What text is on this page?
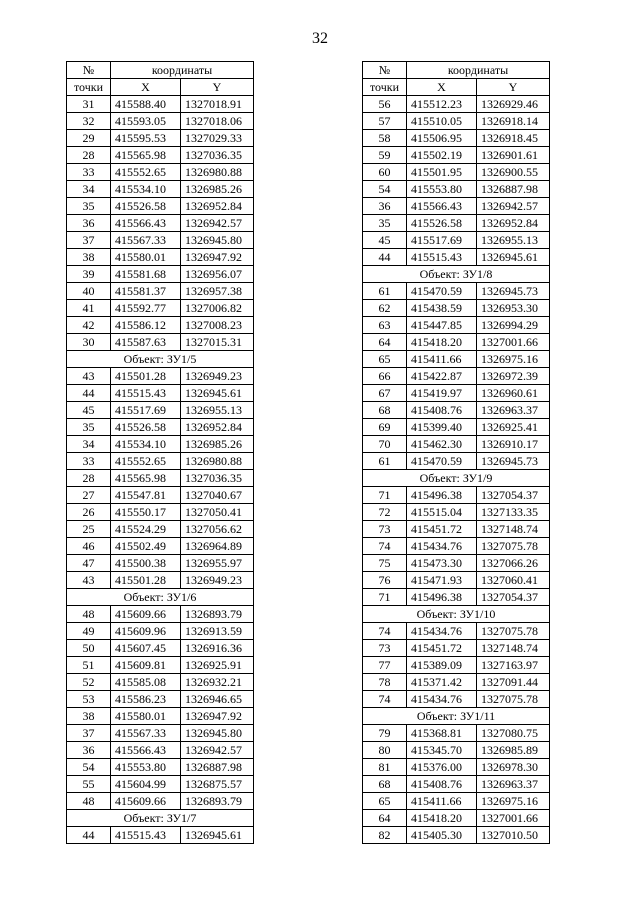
32
№	координаты	
точки	X	Y
31	415588.40	1327018.91
32	415593.05	1327018.06
29	415595.53	1327029.33
28	415565.98	1327036.35
33	415552.65	1326980.88
34	415534.10	1326985.26
35	415526.58	1326952.84
36	415566.43	1326942.57
37	415567.33	1326945.80
38	415580.01	1326947.92
39	415581.68	1326956.07
40	415581.37	1326957.38
41	415592.77	1327006.82
42	415586.12	1327008.23
30	415587.63	1327015.31
Объект: ЗУ1/5		
43	415501.28	1326949.23
44	415515.43	1326945.61
45	415517.69	1326955.13
35	415526.58	1326952.84
34	415534.10	1326985.26
33	415552.65	1326980.88
28	415565.98	1327036.35
27	415547.81	1327040.67
26	415550.17	1327050.41
25	415524.29	1327056.62
46	415502.49	1326964.89
47	415500.38	1326955.97
43	415501.28	1326949.23
Объект: ЗУ1/6		
48	415609.66	1326893.79
49	415609.96	1326913.59
50	415607.45	1326916.36
51	415609.81	1326925.91
52	415585.08	1326932.21
53	415586.23	1326946.65
38	415580.01	1326947.92
37	415567.33	1326945.80
36	415566.43	1326942.57
54	415553.80	1326887.98
55	415604.99	1326875.57
48	415609.66	1326893.79
Объект: ЗУ1/7		
44	415515.43	1326945.61
№	координаты	
точки	X	Y
56	415512.23	1326929.46
57	415510.05	1326918.14
58	415506.95	1326918.45
59	415502.19	1326901.61
60	415501.95	1326900.55
54	415553.80	1326887.98
36	415566.43	1326942.57
35	415526.58	1326952.84
45	415517.69	1326955.13
44	415515.43	1326945.61
Объект: ЗУ1/8		
61	415470.59	1326945.73
62	415438.59	1326953.30
63	415447.85	1326994.29
64	415418.20	1327001.66
65	415411.66	1326975.16
66	415422.87	1326972.39
67	415419.97	1326960.61
68	415408.76	1326963.37
69	415399.40	1326925.41
70	415462.30	1326910.17
61	415470.59	1326945.73
Объект: ЗУ1/9		
71	415496.38	1327054.37
72	415515.04	1327133.35
73	415451.72	1327148.74
74	415434.76	1327075.78
75	415473.30	1327066.26
76	415471.93	1327060.41
71	415496.38	1327054.37
Объект: ЗУ1/10		
74	415434.76	1327075.78
73	415451.72	1327148.74
77	415389.09	1327163.97
78	415371.42	1327091.44
74	415434.76	1327075.78
Объект: ЗУ1/11		
79	415368.81	1327080.75
80	415345.70	1326985.89
81	415376.00	1326978.30
68	415408.76	1326963.37
65	415411.66	1326975.16
64	415418.20	1327001.66
82	415405.30	1327010.50
